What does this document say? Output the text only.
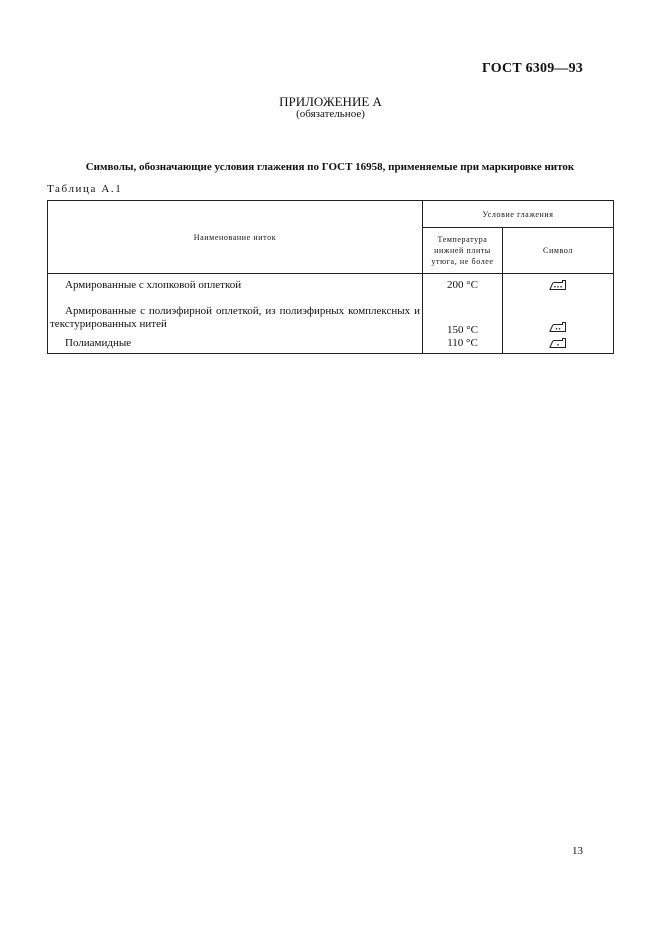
ГОСТ 6309—93
ПРИЛОЖЕНИЕ А
(обязательное)
Символы, обозначающие условия глажения по ГОСТ 16958, применяемые при маркировке ниток
Таблица А.1
Наименование ниток	Условие глажения	
	Температура нижней плиты утюга, не более	Символ
Армированные с хлопковой оплеткой	200 °С	
Армированные с полиэфирной оплеткой, из полиэфирных комплексных и текстурированных нитей	150 °С	
Полиамидные	110 °С	
13
